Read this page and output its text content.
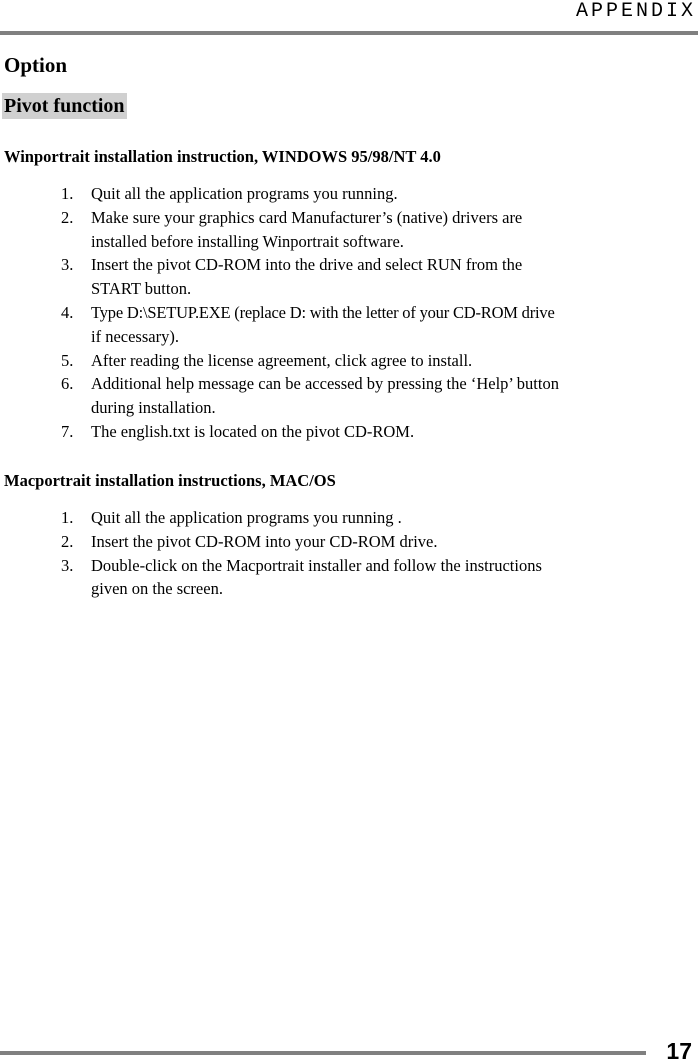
APPENDIX
Option
Pivot function

Winportrait installation instruction, WINDOWS 95/98/NT 4.0

1. Quit all the application programs you running.
2. Make sure your graphics card Manufacturer’s (native) drivers are
installed before installing Winportrait software.
3. Insert the pivot CD-ROM into the drive and select RUN from the
START button.
4. Type D:\SETUP.EXE (replace D: with the letter of your CD-ROM drive
if necessary).
5. After reading the license agreement, click agree to install.
6. Additional help message can be accessed by pressing the ‘Help’ button
during installation.
7. The english.txt is located on the pivot CD-ROM.

Macportrait installation instructions, MAC/OS

1. Quit all the application programs you running .
2. Insert the pivot CD-ROM into your CD-ROM drive.
3. Double-click on the Macportrait installer and follow the instructions
given on the screen.
17
